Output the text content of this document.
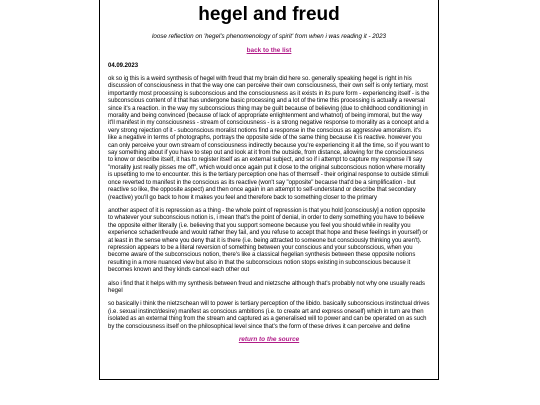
hegel and freud
loose reflection on 'hegel's phenomenology of spirit' from when i was reading it - 2023
back to the list
04.09.2023
ok so ig this is a weird synthesis of hegel with freud that my brain did here so. generally speaking hegel is right in his discussion of consciousness in that the way one can perceive their own consciousness, their own self is only tertiary, most importantly most processing is subconscious and the consciousness as it exists in its pure form - experiencing itself - is the subconscious content of it that has undergone basic processing and a lot of the time this processing is actually a reversal since it's a reaction. in the way my subconscious thing may be guilt because of believing (due to childhood conditioning) in morality and being convinced (because of lack of appropriate enlightenment and whatnot) of being immoral, but the way it'll manifest in my consciousness - stream of consciousness - is a strong negative response to morality as a concept and a very strong rejection of it - subconscious moralist notions find a response in the conscious as aggressive amoralism. it's like a negative in terms of photographs, portrays the opposite side of the same thing because it is reactive. however you can only perceive your own stream of consciousness indirectly because you're experiencing it all the time, so if you want to say something about if you have to step out and look at it from the outside, from distance, allowing for the consciousness to know or describe itself, it has to register itself as an external subject, and so if i attempt to capture my response i'll say "morality just really pisses me off", which would once again put it close to the original subconscious notion where morality is upsetting to me to encounter. this is the tertiary perception one has of themself - their original response to outside stimuli once reverted to manifest in the conscious as its reactive (won't say "opposite" because that'd be a simplification - but reactive so like, the opposite aspect) and then once again in an attempt to self-understand or describe that secondary (reactive) you'll go back to how it makes you feel and therefore back to something closer to the primary
another aspect of it is repression as a thing - the whole point of repression is that you hold [consciously] a notion opposite to whatever your subconscious notion is, i mean that's the point of denial, in order to deny something you have to believe the opposite either literally (i.e. believing that you support someone because you feel you should while in reality you experience schadenfreude and would rather they fail, and you refuse to accept that hope and these feelings in yourself) or at least in the sense where you deny that it is there (i.e. being attracted to someone but consciously thinking you aren't). repression appears to be a literal reversion of something between your conscious and your subconscious, when you become aware of the subconscious notion, there's like a classical hegelian synthesis between these opposite notions resulting in a more nuanced view but also in that the subconscious notion stops existing in subconscious because it becomes known and they kinds cancel each other out
also i find that it helps with my synthesis between freud and nietzsche although that's probably not why one usually reads hegel
so basically i think the nietzschean will to power is tertiary perception of the libido. basically subconscious instinctual drives (i.e. sexual instinct/desire) manifest as conscious ambitions (i.e. to create art and express oneself) which in turn are then isolated as an external thing from the stream and captured as a generalised will to power and can be operated on as such by the consciousness itself on the philosophical level since that's the form of these drives it can perceive and define
return to the source
